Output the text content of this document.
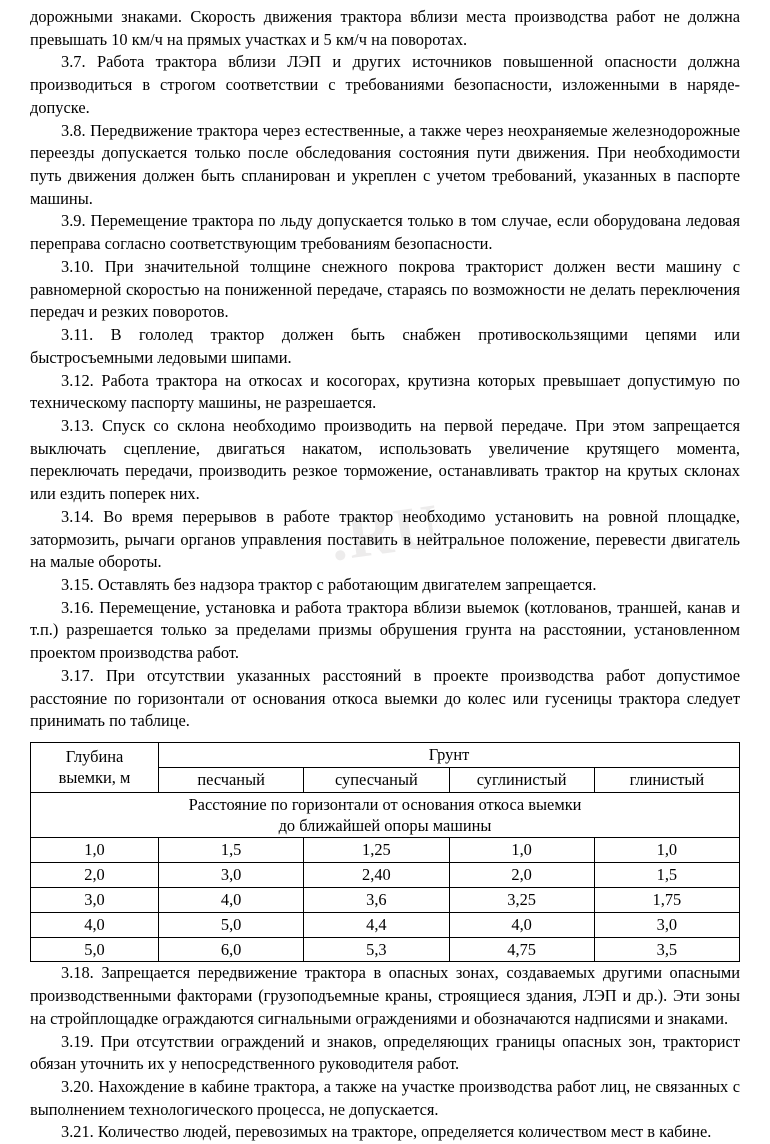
.RU

дорожными знаками. Скорость движения трактора вблизи места производства работ не должна превышать 10 км/ч на прямых участках и 5 км/ч на поворотах.

3.7. Работа трактора вблизи ЛЭП и других источников повышенной опасности должна производиться в строгом соответствии с требованиями безопасности, изложенными в наряде-допуске.

3.8. Передвижение трактора через естественные, а также через неохраняемые железнодорожные переезды допускается только после обследования состояния пути движения. При необходимости путь движения должен быть спланирован и укреплен с учетом требований, указанных в паспорте машины.

3.9. Перемещение трактора по льду допускается только в том случае, если оборудована ледовая переправа согласно соответствующим требованиям безопасности.

3.10. При значительной толщине снежного покрова тракторист должен вести машину с равномерной скоростью на пониженной передаче, стараясь по возможности не делать переключения передач и резких поворотов.

3.11. В гололед трактор должен быть снабжен противоскользящими цепями или быстросъемными ледовыми шипами.

3.12. Работа трактора на откосах и косогорах, крутизна которых превышает допустимую по техническому паспорту машины, не разрешается.

3.13. Спуск со склона необходимо производить на первой передаче. При этом запрещается выключать сцепление, двигаться накатом, использовать увеличение крутящего момента, переключать передачи, производить резкое торможение, останавливать трактор на крутых склонах или ездить поперек них.

3.14. Во время перерывов в работе трактор необходимо установить на ровной площадке, затормозить, рычаги органов управления поставить в нейтральное положение, перевести двигатель на малые обороты.

3.15. Оставлять без надзора трактор с работающим двигателем запрещается.

3.16. Перемещение, установка и работа трактора вблизи выемок (котлованов, траншей, канав и т.п.) разрешается только за пределами призмы обрушения грунта на расстоянии, установленном проектом производства работ.

3.17. При отсутствии указанных расстояний в проекте производства работ допустимое расстояние по горизонтали от основания откоса выемки до колес или гусеницы трактора следует принимать по таблице.

Глубина
выемки, м	Грунт			
	песчаный	супесчаный	суглинистый	глинистый
Расстояние по горизонтали от основания откоса выемки
до ближайшей опоры машины				
1,0	1,5	1,25	1,0	1,0
2,0	3,0	2,40	2,0	1,5
3,0	4,0	3,6	3,25	1,75
4,0	5,0	4,4	4,0	3,0
5,0	6,0	5,3	4,75	3,5

3.18. Запрещается передвижение трактора в опасных зонах, создаваемых другими опасными производственными факторами (грузоподъемные краны, строящиеся здания, ЛЭП и др.). Эти зоны на стройплощадке ограждаются сигнальными ограждениями и обозначаются надписями и знаками.

3.19. При отсутствии ограждений и знаков, определяющих границы опасных зон, тракторист обязан уточнить их у непосредственного руководителя работ.

3.20. Нахождение в кабине трактора, а также на участке производства работ лиц, не связанных с выполнением технологического процесса, не допускается.

3.21. Количество людей, перевозимых на тракторе, определяется количеством мест в кабине.
